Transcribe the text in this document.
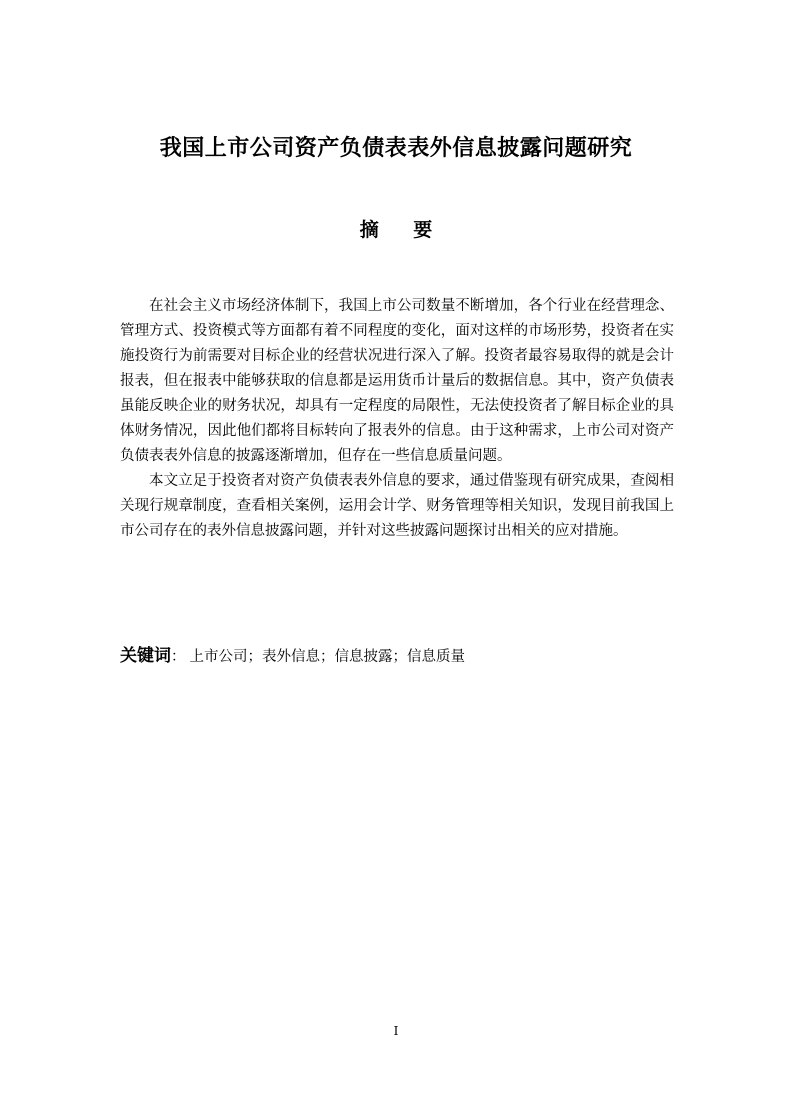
我国上市公司资产负债表表外信息披露问题研究
摘 要

在社会主义市场经济体制下，我国上市公司数量不断增加，各个行业在经营理念、管理方式、投资模式等方面都有着不同程度的变化，面对这样的市场形势，投资者在实施投资行为前需要对目标企业的经营状况进行深入了解。投资者最容易取得的就是会计报表，但在报表中能够获取的信息都是运用货币计量后的数据信息。其中，资产负债表虽能反映企业的财务状况，却具有一定程度的局限性，无法使投资者了解目标企业的具体财务情况，因此他们都将目标转向了报表外的信息。由于这种需求，上市公司对资产负债表表外信息的披露逐渐增加，但存在一些信息质量问题。

本文立足于投资者对资产负债表表外信息的要求，通过借鉴现有研究成果，查阅相关现行规章制度，查看相关案例，运用会计学、财务管理等相关知识，发现目前我国上市公司存在的表外信息披露问题，并针对这些披露问题探讨出相关的应对措施。

关键词： 上市公司；表外信息；信息披露；信息质量
I
